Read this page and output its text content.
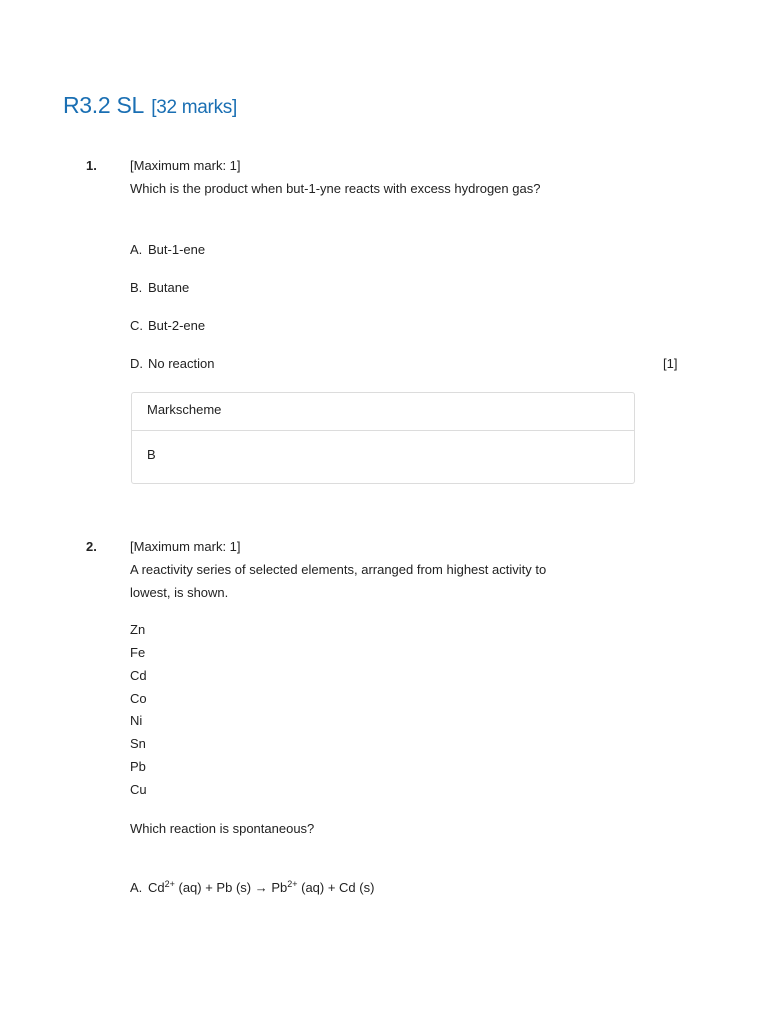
R3.2 SL [32 marks]
1.	[Maximum mark: 1]
Which is the product when but-1-yne reacts with excess hydrogen gas?
A. But-1-ene
B. Butane
C. But-2-ene
D. No reaction	[1]
Markscheme
B
2.	[Maximum mark: 1]
A reactivity series of selected elements, arranged from highest activity to
lowest, is shown.
Zn
Fe
Cd
Co
Ni
Sn
Pb
Cu
Which reaction is spontaneous?
A. $Cd^{2+}$ (aq) + Pb $(s) \to Pb^{2+}$ (aq) + Cd (s)
